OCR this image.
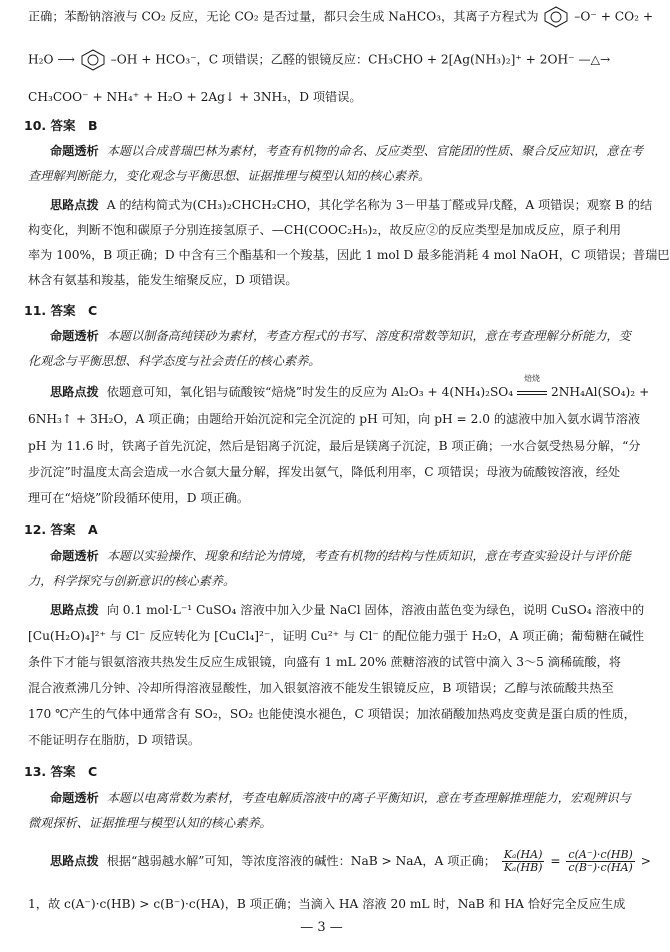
正确；苯酚钠溶液与 CO₂ 反应，无论 CO₂ 是否过量，都只会生成 NaHCO₃，其离子方程式为	–O⁻ + CO₂ +
H₂O ⟶	–OH + HCO₃⁻，C 项错误；乙醛的银镜反应：CH₃CHO + 2[Ag(NH₃)₂]⁺ + 2OH⁻ —△→
CH₃COO⁻ + NH₄⁺ + H₂O + 2Ag↓ + 3NH₃，D 项错误。
10. 答案　B
命题透析 本题以合成普瑞巴林为素材，考查有机物的命名、反应类型、官能团的性质、聚合反应知识，意在考
查理解判断能力，变化观念与平衡思想、证据推理与模型认知的核心素养。
思路点拨 A 的结构简式为(CH₃)₂CHCH₂CHO，其化学名称为 3－甲基丁醛或异戊醛，A 项错误；观察 B 的结
构变化，判断不饱和碳原子分别连接氢原子、—CH(COOC₂H₅)₂，故反应②的反应类型是加成反应，原子利用
率为 100%，B 项正确；D 中含有三个酯基和一个羧基，因此 1 mol D 最多能消耗 4 mol NaOH，C 项错误；普瑞巴
林含有氨基和羧基，能发生缩聚反应，D 项错误。
11. 答案　C
命题透析 本题以制备高纯镁砂为素材，考查方程式的书写、溶度积常数等知识，意在考查理解分析能力，变
化观念与平衡思想、科学态度与社会责任的核心素养。
思路点拨 依题意可知，氧化铝与硫酸铵“焙烧”时发生的反应为 Al₂O₃ + 4(NH₄)₂SO₄
焙烧
2NH₄Al(SO₄)₂ +
6NH₃↑ + 3H₂O，A 项正确；由题给开始沉淀和完全沉淀的 pH 可知，向 pH = 2.0 的滤液中加入氨水调节溶液
pH 为 11.6 时，铁离子首先沉淀，然后是铝离子沉淀，最后是镁离子沉淀，B 项正确；一水合氨受热易分解，“分
步沉淀”时温度太高会造成一水合氨大量分解，挥发出氨气，降低利用率，C 项错误；母液为硫酸铵溶液，经处
理可在“焙烧”阶段循环使用，D 项正确。
12. 答案　A
命题透析 本题以实验操作、现象和结论为情境，考查有机物的结构与性质知识，意在考查实验设计与评价能
力，科学探究与创新意识的核心素养。
思路点拨 向 0.1 mol·L⁻¹ CuSO₄ 溶液中加入少量 NaCl 固体，溶液由蓝色变为绿色，说明 CuSO₄ 溶液中的
[Cu(H₂O)₄]²⁺ 与 Cl⁻ 反应转化为 [CuCl₄]²⁻，证明 Cu²⁺ 与 Cl⁻ 的配位能力强于 H₂O，A 项正确；葡萄糖在碱性
条件下才能与银氨溶液共热发生反应生成银镜，向盛有 1 mL 20% 蔗糖溶液的试管中滴入 3～5 滴稀硫酸，将
混合液煮沸几分钟、冷却所得溶液显酸性，加入银氨溶液不能发生银镜反应，B 项错误；乙醇与浓硫酸共热至
170 ℃产生的气体中通常含有 SO₂，SO₂ 也能使溴水褪色，C 项错误；加浓硝酸加热鸡皮变黄是蛋白质的性质，
不能证明存在脂肪，D 项错误。
13. 答案　C
命题透析 本题以电离常数为素材，考查电解质溶液中的离子平衡知识，意在考查理解推理能力，宏观辨识与
微观探析、证据推理与模型认知的核心素养。
思路点拨 根据“越弱越水解”可知，等浓度溶液的碱性：NaB > NaA，A 项正确； $\frac{\text{Kₐ(HA)}}{\text{Kₐ(HB)}} = \frac{c(A^-)\cdot c(HB)}{c(B^-)\cdot c(HA)}$ >
1，故 c(A⁻)·c(HB) > c(B⁻)·c(HA)，B 项正确；当滴入 HA 溶液 20 mL 时，NaB 和 HA 恰好完全反应生成
— 3 —
